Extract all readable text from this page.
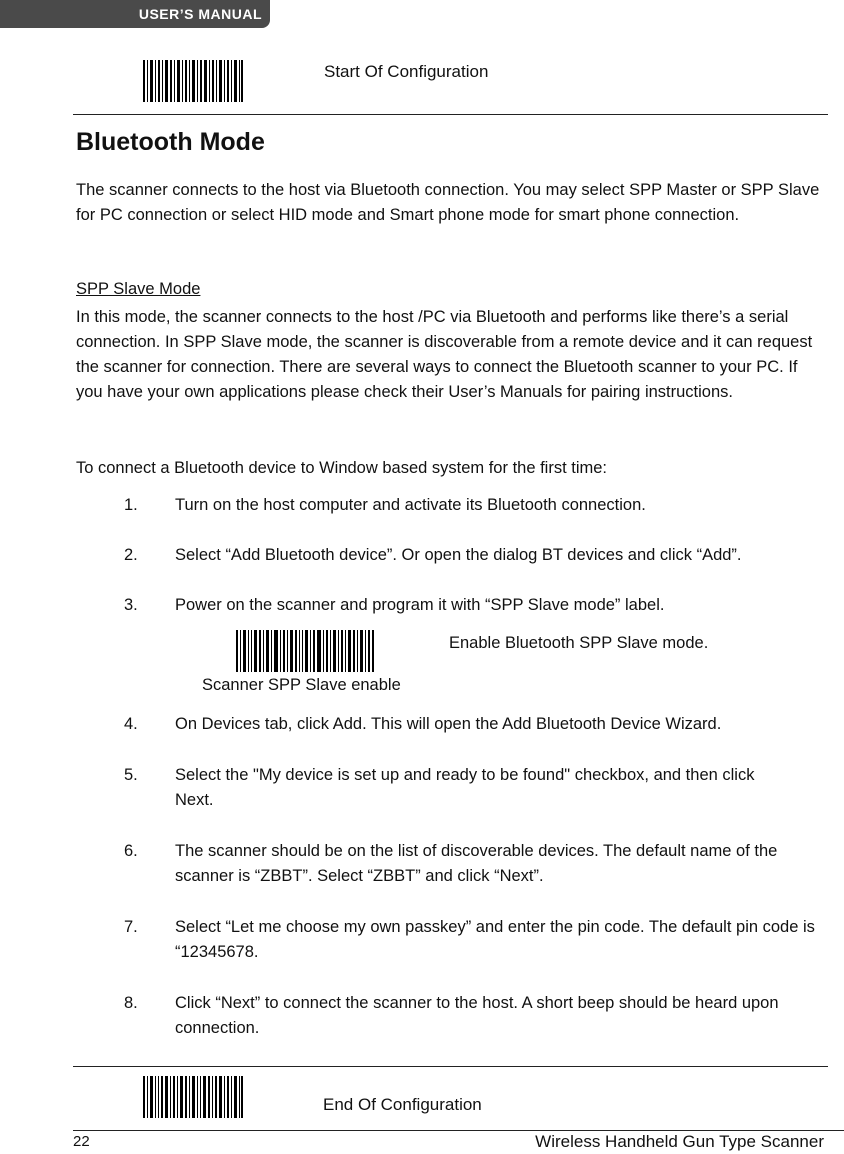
USER’S MANUAL
Start Of Configuration
Bluetooth Mode
The scanner connects to the host via Bluetooth connection. You may select SPP Master or SPP Slave for PC connection or select HID mode and Smart phone mode for smart phone connection.
SPP Slave Mode
In this mode, the scanner connects to the host /PC via Bluetooth and performs like there’s a serial connection. In SPP Slave mode, the scanner is discoverable from a remote device and it can request the scanner for connection. There are several ways to connect the Bluetooth scanner to your PC. If you have your own applications please check their User’s Manuals for pairing instructions.
To connect a Bluetooth device to Window based system for the first time:
1. Turn on the host computer and activate its Bluetooth connection.
2. Select “Add Bluetooth device”. Or open the dialog BT devices and click “Add”.
3. Power on the scanner and program it with “SPP Slave mode” label.
Scanner SPP Slave enable
Enable Bluetooth SPP Slave mode.
4. On Devices tab, click Add. This will open the Add Bluetooth Device Wizard.
5. Select the "My device is set up and ready to be found" checkbox, and then click Next.
6. The scanner should be on the list of discoverable devices. The default name of the scanner is “ZBBT”. Select “ZBBT” and click “Next”.
7. Select “Let me choose my own passkey” and enter the pin code. The default pin code is “12345678.
8. Click “Next” to connect the scanner to the host. A short beep should be heard upon connection.
End Of Configuration
22	Wireless Handheld Gun Type Scanner
